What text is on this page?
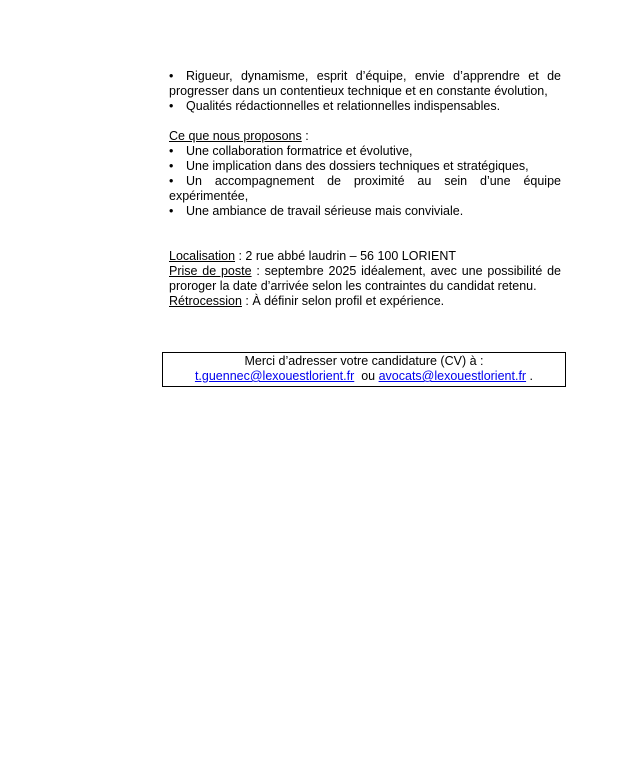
• Rigueur, dynamisme, esprit d’équipe, envie d’apprendre et de progresser dans un contentieux technique et en constante évolution,
• Qualités rédactionnelles et relationnelles indispensables.
Ce que nous proposons :
• Une collaboration formatrice et évolutive,
• Une implication dans des dossiers techniques et stratégiques,
• Un accompagnement de proximité au sein d’une équipe expérimentée,
• Une ambiance de travail sérieuse mais conviviale.
Localisation : 2 rue abbé laudrin – 56 100 LORIENT
Prise de poste : septembre 2025 idéalement, avec une possibilité de proroger la date d’arrivée selon les contraintes du candidat retenu.
Rétrocession : À définir selon profil et expérience.
Merci d’adresser votre candidature (CV) à :
t.guennec@lexouestlorient.fr  ou avocats@lexouestlorient.fr .
